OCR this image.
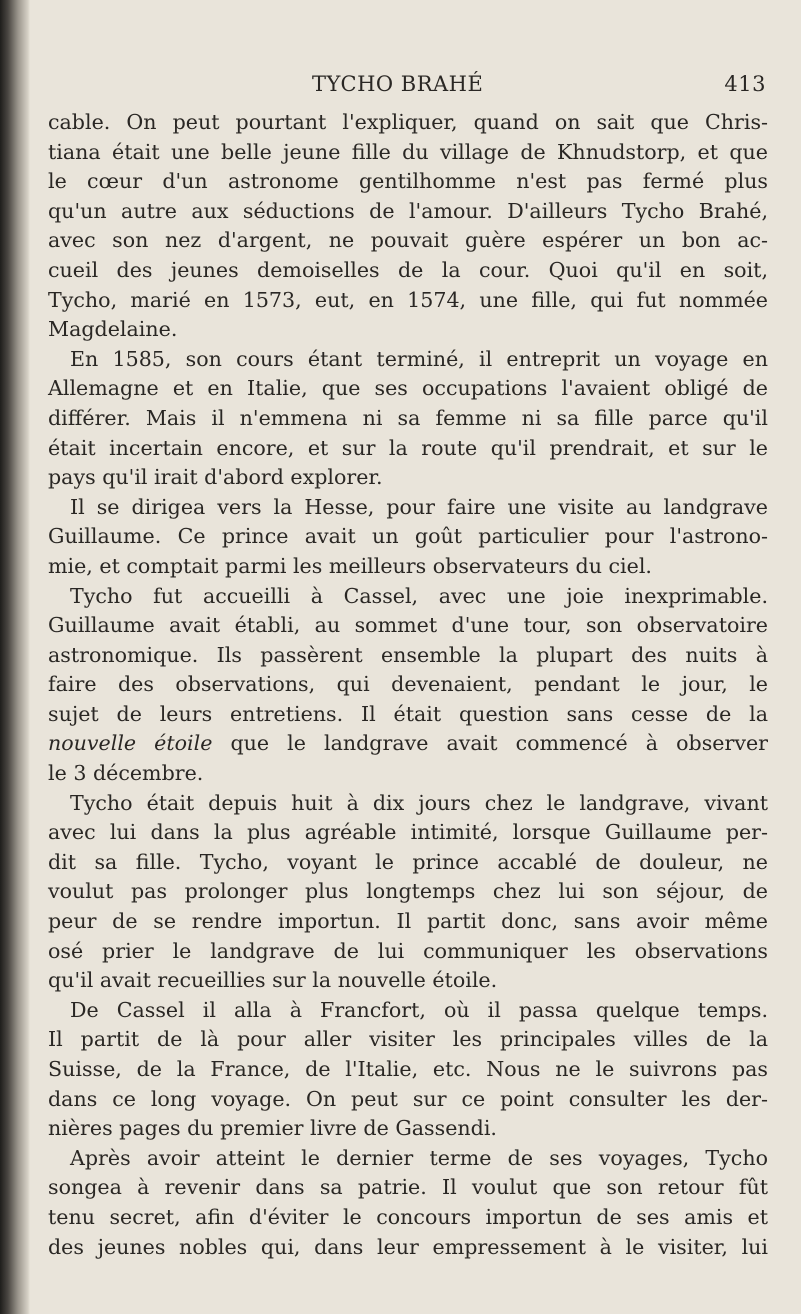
TYCHO BRAHÉ	413
cable. On peut pourtant l'expliquer, quand on sait que Chris-
tiana était une belle jeune fille du village de Khnudstorp, et que
le cœur d'un astronome gentilhomme n'est pas fermé plus
qu'un autre aux séductions de l'amour. D'ailleurs Tycho Brahé,
avec son nez d'argent, ne pouvait guère espérer un bon ac-
cueil des jeunes demoiselles de la cour. Quoi qu'il en soit,
Tycho, marié en 1573, eut, en 1574, une fille, qui fut nommée
Magdelaine.
En 1585, son cours étant terminé, il entreprit un voyage en
Allemagne et en Italie, que ses occupations l'avaient obligé de
différer. Mais il n'emmena ni sa femme ni sa fille parce qu'il
était incertain encore, et sur la route qu'il prendrait, et sur le
pays qu'il irait d'abord explorer.
Il se dirigea vers la Hesse, pour faire une visite au landgrave
Guillaume. Ce prince avait un goût particulier pour l'astrono-
mie, et comptait parmi les meilleurs observateurs du ciel.
Tycho fut accueilli à Cassel, avec une joie inexprimable.
Guillaume avait établi, au sommet d'une tour, son observatoire
astronomique. Ils passèrent ensemble la plupart des nuits à
faire des observations, qui devenaient, pendant le jour, le
sujet de leurs entretiens. Il était question sans cesse de la
nouvelle étoile que le landgrave avait commencé à observer
le 3 décembre.
Tycho était depuis huit à dix jours chez le landgrave, vivant
avec lui dans la plus agréable intimité, lorsque Guillaume per-
dit sa fille. Tycho, voyant le prince accablé de douleur, ne
voulut pas prolonger plus longtemps chez lui son séjour, de
peur de se rendre importun. Il partit donc, sans avoir même
osé prier le landgrave de lui communiquer les observations
qu'il avait recueillies sur la nouvelle étoile.
De Cassel il alla à Francfort, où il passa quelque temps.
Il partit de là pour aller visiter les principales villes de la
Suisse, de la France, de l'Italie, etc. Nous ne le suivrons pas
dans ce long voyage. On peut sur ce point consulter les der-
nières pages du premier livre de Gassendi.
Après avoir atteint le dernier terme de ses voyages, Tycho
songea à revenir dans sa patrie. Il voulut que son retour fût
tenu secret, afin d'éviter le concours importun de ses amis et
des jeunes nobles qui, dans leur empressement à le visiter, lui
